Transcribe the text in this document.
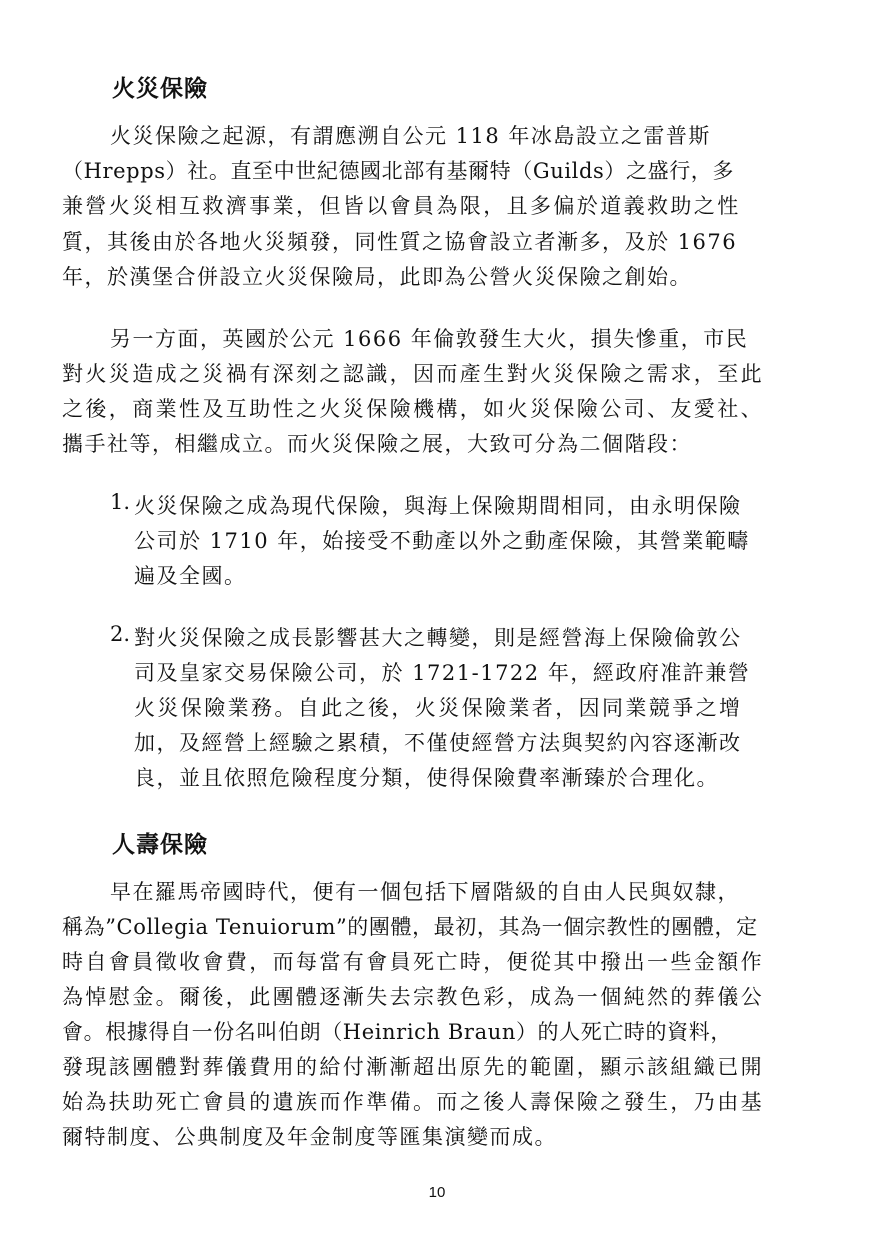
火災保險
火災保險之起源，有謂應溯自公元 118 年冰島設立之雷普斯
（Hrepps）社。直至中世紀德國北部有基爾特（Guilds）之盛行，多
兼營火災相互救濟事業，但皆以會員為限，且多偏於道義救助之性
質，其後由於各地火災頻發，同性質之協會設立者漸多，及於 1676
年，於漢堡合併設立火災保險局，此即為公營火災保險之創始。
另一方面，英國於公元 1666 年倫敦發生大火，損失慘重，市民
對火災造成之災禍有深刻之認識，因而產生對火災保險之需求，至此
之後，商業性及互助性之火災保險機構，如火災保險公司、友愛社、
攜手社等，相繼成立。而火災保險之展，大致可分為二個階段：
1. 火災保險之成為現代保險，與海上保險期間相同，由永明保險
公司於 1710 年，始接受不動產以外之動產保險，其營業範疇
遍及全國。
2. 對火災保險之成長影響甚大之轉變，則是經營海上保險倫敦公
司及皇家交易保險公司，於 1721-1722 年，經政府准許兼營
火災保險業務。自此之後，火災保險業者，因同業競爭之增
加，及經營上經驗之累積，不僅使經營方法與契約內容逐漸改
良，並且依照危險程度分類，使得保險費率漸臻於合理化。
人壽保險
早在羅馬帝國時代，便有一個包括下層階級的自由人民與奴隸，
稱為”Collegia Tenuiorum”的團體，最初，其為一個宗教性的團體，定
時自會員徵收會費，而每當有會員死亡時，便從其中撥出一些金額作
為悼慰金。爾後，此團體逐漸失去宗教色彩，成為一個純然的葬儀公
會。根據得自一份名叫伯朗（Heinrich Braun）的人死亡時的資料，
發現該團體對葬儀費用的給付漸漸超出原先的範圍，顯示該組織已開
始為扶助死亡會員的遺族而作準備。而之後人壽保險之發生，乃由基
爾特制度、公典制度及年金制度等匯集演變而成。
10
